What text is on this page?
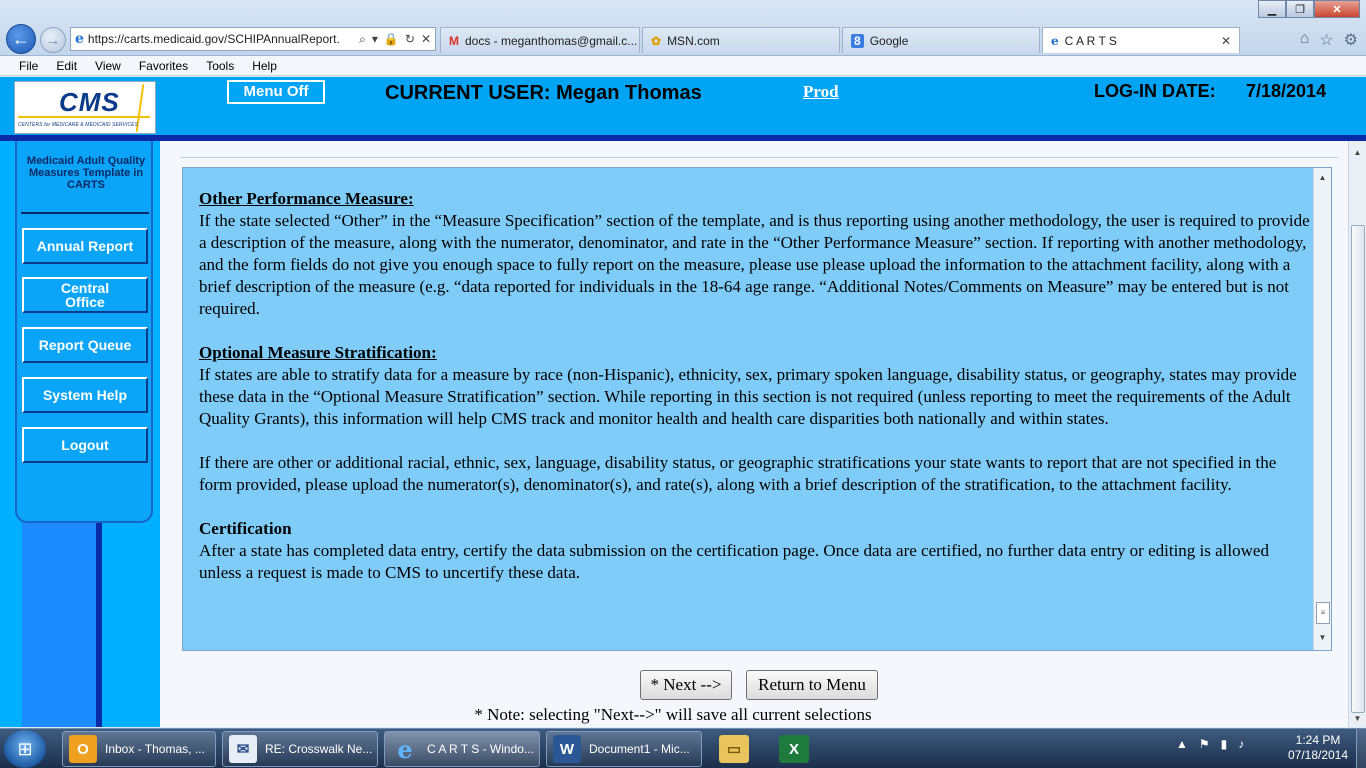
←	→	e https://carts.medicaid.gov/SCHIPAnnualReport.	⌕ ▾ 🔒 ↻ ✕ M docs - meganthomas@gmail.c... ✿ MSN.com	8 Google	e C A R T S	✕
▁	❐	✕
⌂ ☆ ⚙
File	Edit	View	Favorites	Tools	Help
CMS
CENTERS for MEDICARE & MEDICAID SERVICES
Menu Off	CURRENT USER: Megan Thomas	Prod	LOG-IN DATE: 7/18/2014
Medicaid Adult Quality Measures Template in CARTS
Annual Report
Central Office
Report Queue
System Help
Logout
Other Performance Measure:

If the state selected “Other” in the “Measure Specification” section of the template, and is thus reporting using another methodology, the user is required to provide a description of the measure, along with the numerator, denominator, and rate in the “Other Performance Measure” section. If reporting with another methodology, and the form fields do not give you enough space to fully report on the measure, please use please upload the information to the attachment facility, along with a brief description of the measure (e.g. “data reported for individuals in the 18-64 age range. “Additional Notes/Comments on Measure” may be entered but is not required.

Optional Measure Stratification:

If states are able to stratify data for a measure by race (non-Hispanic), ethnicity, sex, primary spoken language, disability status, or geography, states may provide these data in the “Optional Measure Stratification” section. While reporting in this section is not required (unless reporting to meet the requirements of the Adult Quality Grants), this information will help CMS track and monitor health and health care disparities both nationally and within states.

If there are other or additional racial, ethnic, sex, language, disability status, or geographic stratifications your state wants to report that are not specified in the form provided, please upload the numerator(s), denominator(s), and rate(s), along with a brief description of the stratification, to the attachment facility.

Certification

After a state has completed data entry, certify the data submission on the certification page. Once data are certified, no further data entry or editing is allowed unless a request is made to CMS to uncertify these data.

▲
≡
▼
* Next -->	Return to Menu
* Note: selecting "Next-->" will save all current selections
▲
▼
⊞	O	Inbox - Thomas, ...	✉	RE: Crosswalk Ne... e	C A R T S - Windo...	W	Document1 - Mic...	▭	X	▲ ⚑ ▮ ♪	1:24 PM
07/18/2014
